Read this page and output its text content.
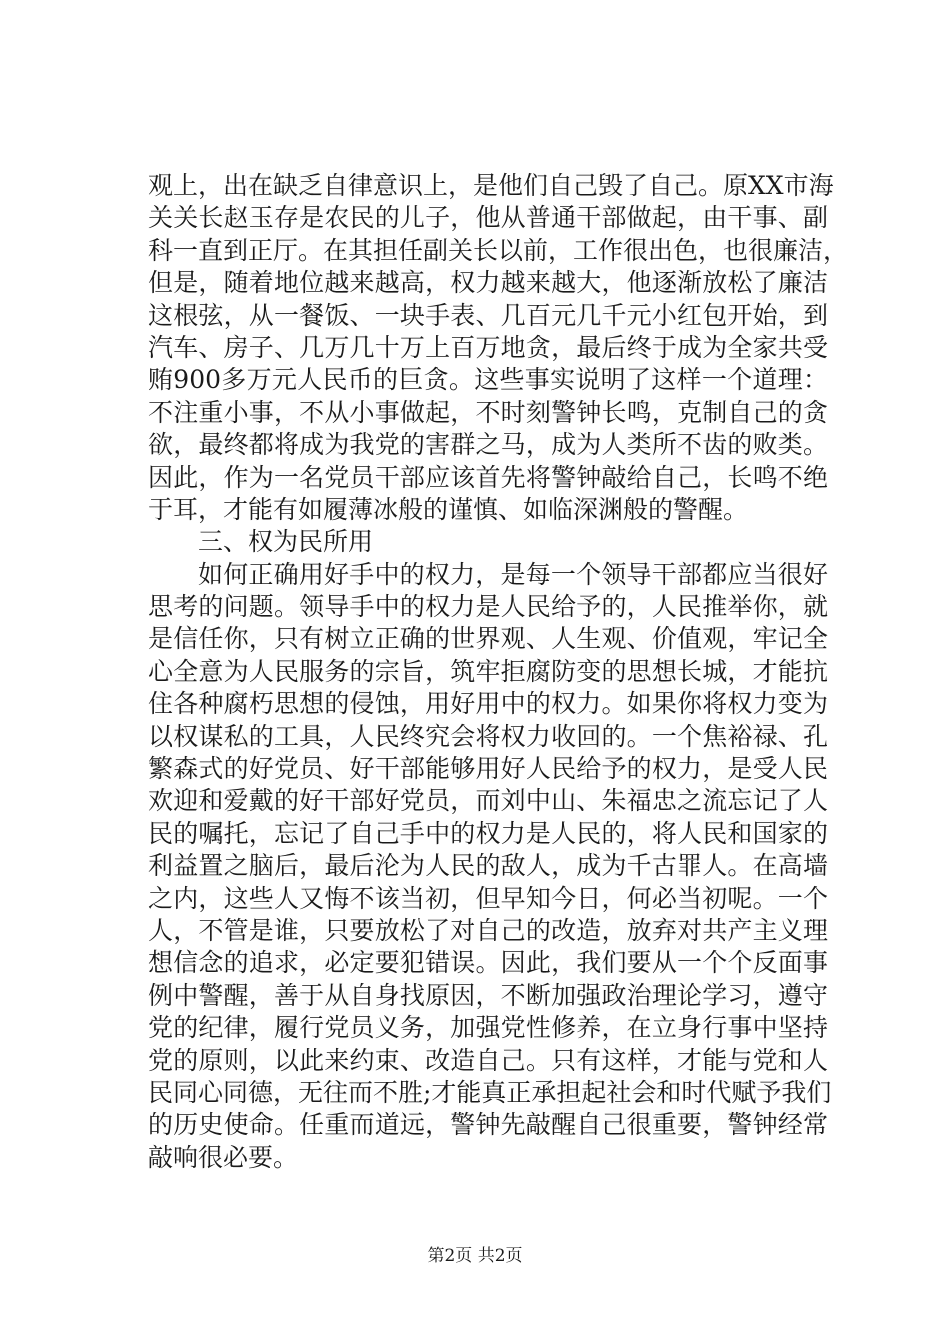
观上，出在缺乏自律意识上，是他们自己毁了自己。原XX市海
关关长赵玉存是农民的儿子，他从普通干部做起，由干事、副
科一直到正厅。在其担任副关长以前，工作很出色，也很廉洁，
但是，随着地位越来越高，权力越来越大，他逐渐放松了廉洁
这根弦，从一餐饭、一块手表、几百元几千元小红包开始，到
汽车、房子、几万几十万上百万地贪，最后终于成为全家共受
贿900多万元人民币的巨贪。这些事实说明了这样一个道理：
不注重小事，不从小事做起，不时刻警钟长鸣，克制自己的贪
欲，最终都将成为我党的害群之马，成为人类所不齿的败类。
因此，作为一名党员干部应该首先将警钟敲给自己，长鸣不绝
于耳，才能有如履薄冰般的谨慎、如临深渊般的警醒。
三、权为民所用
如何正确用好手中的权力，是每一个领导干部都应当很好
思考的问题。领导手中的权力是人民给予的，人民推举你，就
是信任你，只有树立正确的世界观、人生观、价值观，牢记全
心全意为人民服务的宗旨，筑牢拒腐防变的思想长城，才能抗
住各种腐朽思想的侵蚀，用好用中的权力。如果你将权力变为
以权谋私的工具，人民终究会将权力收回的。一个焦裕禄、孔
繁森式的好党员、好干部能够用好人民给予的权力，是受人民
欢迎和爱戴的好干部好党员，而刘中山、朱福忠之流忘记了人
民的嘱托，忘记了自己手中的权力是人民的，将人民和国家的
利益置之脑后，最后沦为人民的敌人，成为千古罪人。在高墙
之内，这些人又悔不该当初，但早知今日，何必当初呢。一个
人，不管是谁，只要放松了对自己的改造，放弃对共产主义理
想信念的追求，必定要犯错误。因此，我们要从一个个反面事
例中警醒，善于从自身找原因，不断加强政治理论学习，遵守
党的纪律，履行党员义务，加强党性修养，在立身行事中坚持
党的原则，以此来约束、改造自己。只有这样，才能与党和人
民同心同德，无往而不胜;才能真正承担起社会和时代赋予我们
的历史使命。任重而道远，警钟先敲醒自己很重要，警钟经常
敲响很必要。
第2页 共2页
